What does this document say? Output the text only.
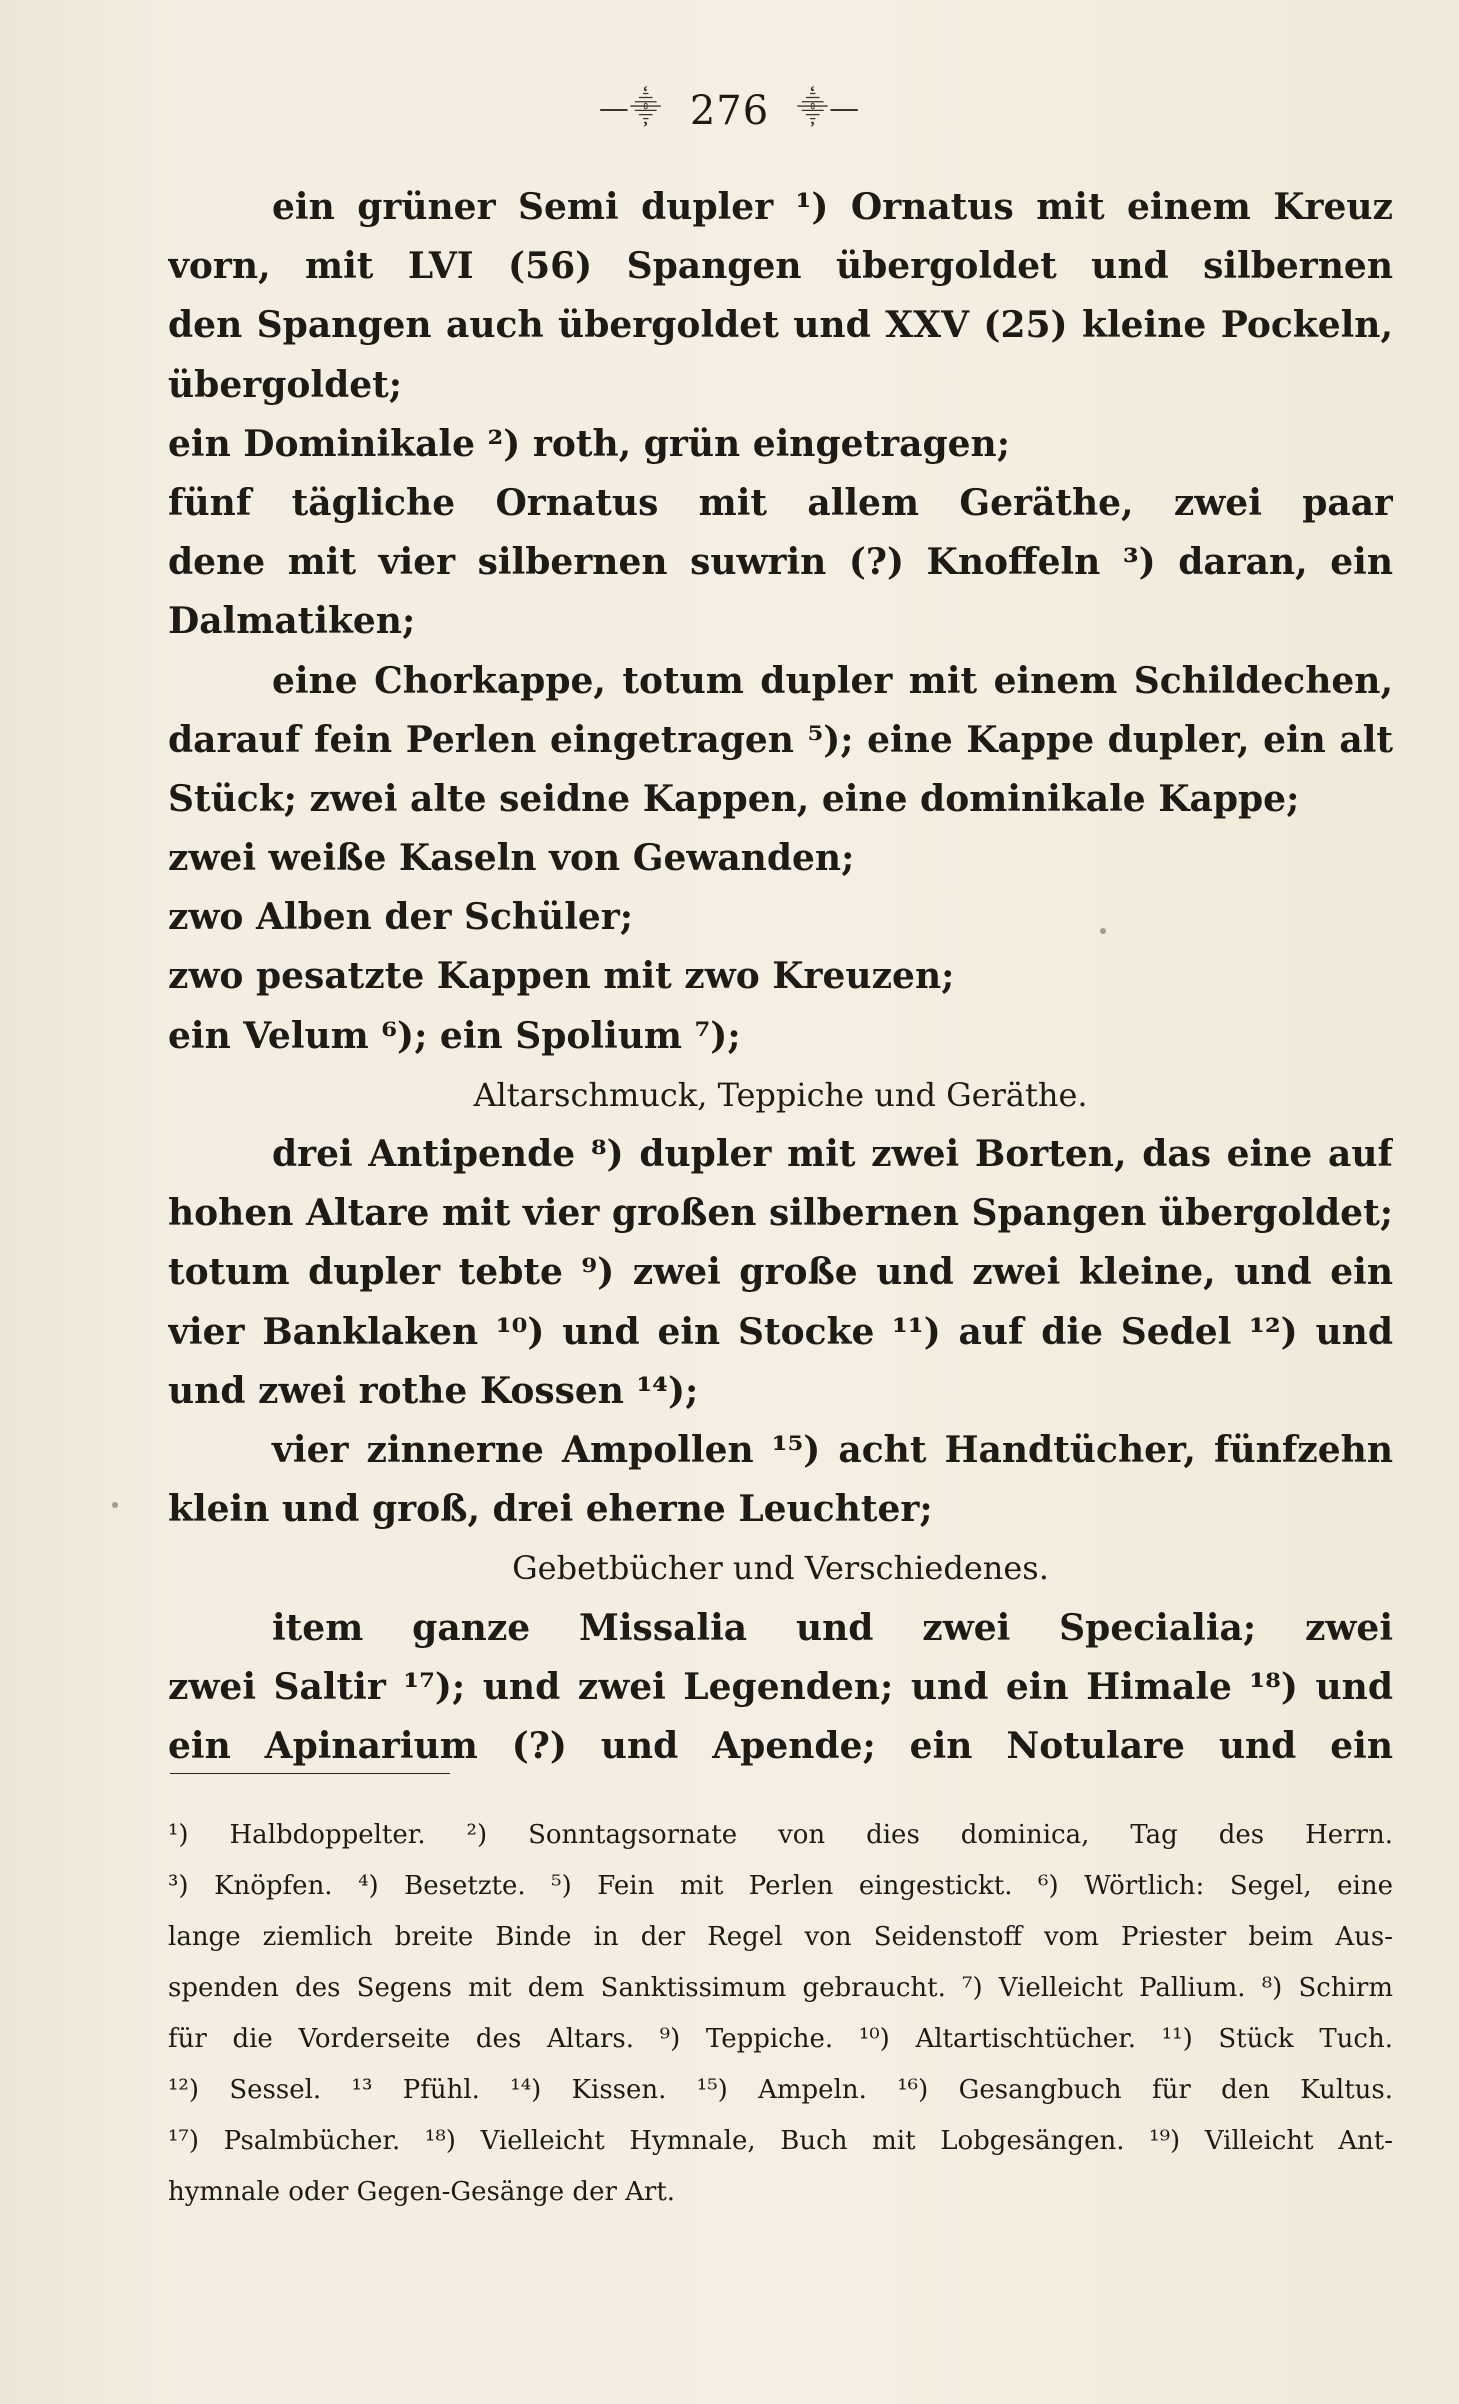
—⸎ 276 ⸎—
ein grüner Semi dupler ¹) Ornatus mit einem Kreuz
vorn, mit LVI (56) Spangen übergoldet und silbernen
den Spangen auch übergoldet und XXV (25) kleine Pockeln,
übergoldet;
ein Dominikale ²) roth, grün eingetragen;
fünf tägliche Ornatus mit allem Geräthe, zwei paar
dene mit vier silbernen suwrin (?) Knoffeln ³) daran, ein
Dalmatiken;
eine Chorkappe, totum dupler mit einem Schildechen,
darauf fein Perlen eingetragen ⁵); eine Kappe dupler, ein alt
Stück; zwei alte seidne Kappen, eine dominikale Kappe;
zwei weiße Kaseln von Gewanden;
zwo Alben der Schüler;
zwo pesatzte Kappen mit zwo Kreuzen;
ein Velum ⁶); ein Spolium ⁷);
Altarschmuck, Teppiche und Geräthe.
drei Antipende ⁸) dupler mit zwei Borten, das eine auf
hohen Altare mit vier großen silbernen Spangen übergoldet;
totum dupler tebte ⁹) zwei große und zwei kleine, und ein
vier Banklaken ¹⁰) und ein Stocke ¹¹) auf die Sedel ¹²) und
und zwei rothe Kossen ¹⁴);
vier zinnerne Ampollen ¹⁵) acht Handtücher, fünfzehn
klein und groß, drei eherne Leuchter;
Gebetbücher und Verschiedenes.
item ganze Missalia und zwei Specialia; zwei
zwei Saltir ¹⁷); und zwei Legenden; und ein Himale ¹⁸) und
ein Apinarium (?) und Apende; ein Notulare und ein
¹) Halbdoppelter. ²) Sonntagsornate von dies dominica, Tag des Herrn.
³) Knöpfen. ⁴) Besetzte. ⁵) Fein mit Perlen eingestickt. ⁶) Wörtlich: Segel, eine
lange ziemlich breite Binde in der Regel von Seidenstoff vom Priester beim Aus-
spenden des Segens mit dem Sanktissimum gebraucht. ⁷) Vielleicht Pallium. ⁸) Schirm
für die Vorderseite des Altars. ⁹) Teppiche. ¹⁰) Altartischtücher. ¹¹) Stück Tuch.
¹²) Sessel. ¹³ Pfühl. ¹⁴) Kissen. ¹⁵) Ampeln. ¹⁶) Gesangbuch für den Kultus.
¹⁷) Psalmbücher. ¹⁸) Vielleicht Hymnale, Buch mit Lobgesängen. ¹⁹) Villeicht Ant-
hymnale oder Gegen-Gesänge der Art.
